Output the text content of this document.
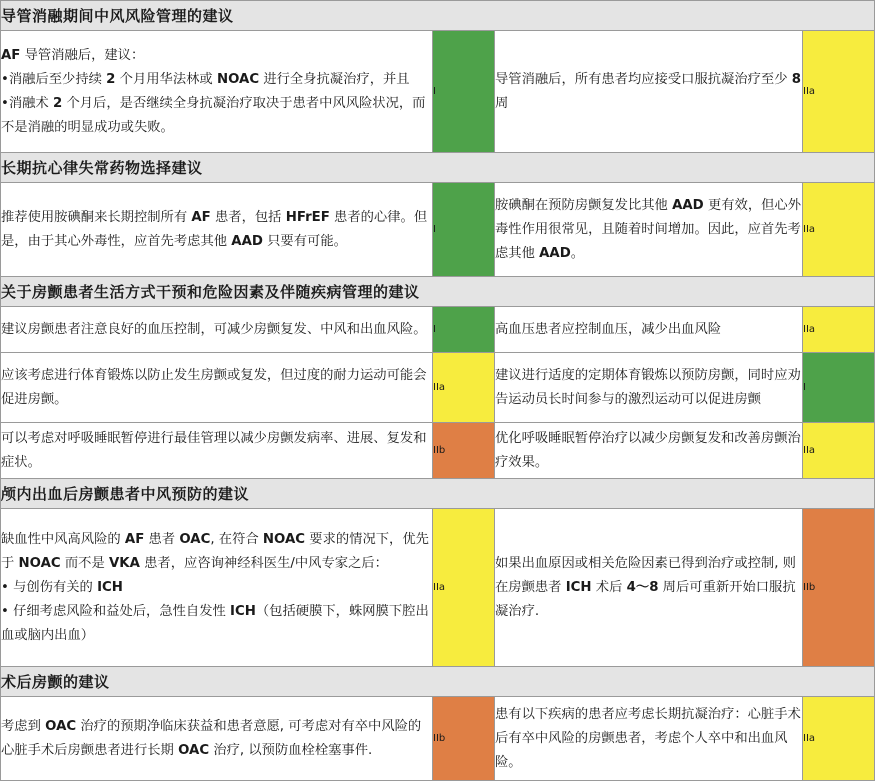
导管消融期间中风风险管理的建议			

AF 导管消融后，建议：
•消融后至少持续 2 个月用华法林或 NOAC 进行全身抗凝治疗，并且
•消融术 2 个月后，是否继续全身抗凝治疗取决于患者中风风险状况，而不是消融的明显成功或失败。	I	导管消融后，所有患者均应接受口服抗凝治疗至少 8 周	IIa
长期抗心律失常药物选择建议			

推荐使用胺碘酮来长期控制所有 AF 患者，包括 HFrEF 患者的心律。但是，由于其心外毒性，应首先考虑其他 AAD 只要有可能。	I	胺碘酮在预防房颤复发比其他 AAD 更有效，但心外毒性作用很常见，且随着时间增加。因此，应首先考虑其他 AAD。	IIa
关于房颤患者生活方式干预和危险因素及伴随疾病管理的建议			

建议房颤患者注意良好的血压控制，可减少房颤复发、中风和出血风险。	I	高血压患者应控制血压，减少出血风险	IIa

应该考虑进行体育锻炼以防止发生房颤或复发，但过度的耐力运动可能会促进房颤。	IIa	建议进行适度的定期体育锻炼以预防房颤，同时应劝告运动员长时间参与的激烈运动可以促进房颤	I

可以考虑对呼吸睡眠暂停进行最佳管理以减少房颤发病率、进展、复发和症状。	IIb	优化呼吸睡眠暂停治疗以减少房颤复发和改善房颤治疗效果。	IIa
颅内出血后房颤患者中风预防的建议			

缺血性中风高风险的 AF 患者 OAC, 在符合 NOAC 要求的情况下，优先于 NOAC 而不是 VKA 患者，应咨询神经科医生/中风专家之后：
• 与创伤有关的 ICH
• 仔细考虑风险和益处后，急性自发性 ICH（包括硬膜下，蛛网膜下腔出血或脑内出血）	IIa	如果出血原因或相关危险因素已得到治疗或控制, 则在房颤患者 ICH 术后 4～8 周后可重新开始口服抗凝治疗.	IIb
术后房颤的建议			

考虑到 OAC 治疗的预期净临床获益和患者意愿, 可考虑对有卒中风险的心脏手术后房颤患者进行长期 OAC 治疗, 以预防血栓栓塞事件.	IIb	患有以下疾病的患者应考虑长期抗凝治疗：心脏手术后有卒中风险的房颤患者，考虑个人卒中和出血风险。	IIa
